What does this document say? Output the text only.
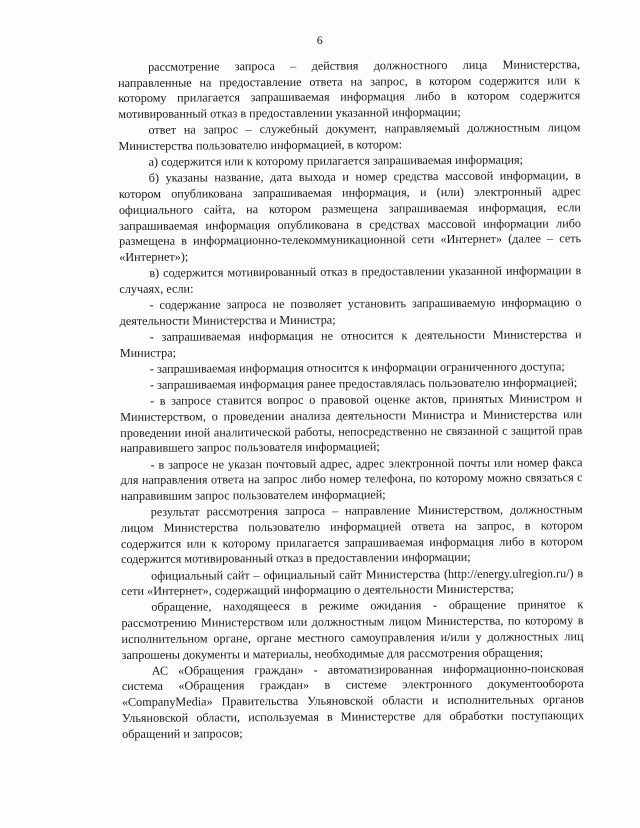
6

рассмотрение запроса – действия должностного лица Министерства, направленные на предоставление ответа на запрос, в котором содержится или к которому прилагается запрашиваемая информация либо в котором содержится мотивированный отказ в предоставлении указанной информации;

ответ на запрос – служебный документ, направляемый должностным лицом Министерства пользователю информацией, в котором:

а) содержится или к которому прилагается запрашиваемая информация;

б) указаны название, дата выхода и номер средства массовой информации, в котором опубликована запрашиваемая информация, и (или) электронный адрес официального сайта, на котором размещена запрашиваемая информация, если запрашиваемая информация опубликована в средствах массовой информации либо размещена в информационно-телекоммуникационной сети «Интернет» (далее – сеть «Интернет»);

в) содержится мотивированный отказ в предоставлении указанной информации в случаях, если:

- содержание запроса не позволяет установить запрашиваемую информацию о деятельности Министерства и Министра;

- запрашиваемая информация не относится к деятельности Министерства и Министра;

- запрашиваемая информация относится к информации ограниченного доступа;

- запрашиваемая информация ранее предоставлялась пользователю информацией;

- в запросе ставится вопрос о правовой оценке актов, принятых Министром и Министерством, о проведении анализа деятельности Министра и Министерства или проведении иной аналитической работы, непосредственно не связанной с защитой прав направившего запрос пользователя информацией;

- в запросе не указан почтовый адрес, адрес электронной почты или номер факса для направления ответа на запрос либо номер телефона, по которому можно связаться с направившим запрос пользователем информацией;

результат рассмотрения запроса – направление Министерством, должностным лицом Министерства пользователю информацией ответа на запрос, в котором содержится или к которому прилагается запрашиваемая информация либо в котором содержится мотивированный отказ в предоставлении информации;

официальный сайт – официальный сайт Министерства (http://energy.ulregion.ru/) в сети «Интернет», содержащий информацию о деятельности Министерства;

обращение, находящееся в режиме ожидания - обращение принятое к рассмотрению Министерством или должностным лицом Министерства, по которому в исполнительном органе, органе местного самоуправления и/или у должностных лиц запрошены документы и материалы, необходимые для рассмотрения обращения;

АС «Обращения граждан» - автоматизированная информационно-поисковая система «Обращения граждан» в системе электронного документооборота «CompanyMedia» Правительства Ульяновской области и исполнительных органов Ульяновской области, используемая в Министерстве для обработки поступающих обращений и запросов;
